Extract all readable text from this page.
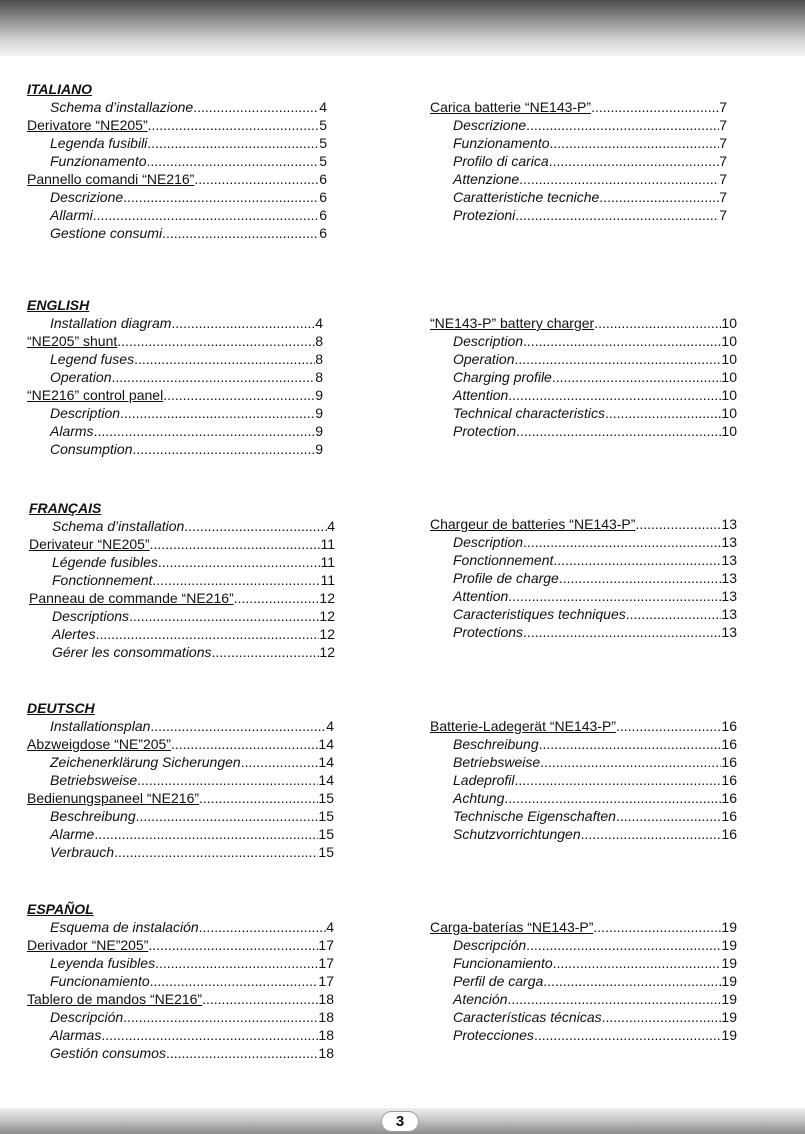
ITALIANO
Schema d’installazione .....	4
Derivatore “NE205” .....	5
Legenda fusibili .....	5
Funzionamento .....	5
Pannello comandi “NE216” .....	6
Descrizione .....	6
Allarmi .....	6
Gestione consumi .....	6
Carica batterie “NE143-P” .....	7
Descrizione .....	7
Funzionamento .....	7
Profilo di carica .....	7
Attenzione .....	7
Caratteristiche tecniche .....	7
Protezioni .....	7
ENGLISH
Installation diagram .....	4
“NE205” shunt .....	8
Legend fuses .....	8
Operation .....	8
“NE216” control panel .....	9
Description .....	9
Alarms .....	9
Consumption .....	9
“NE143-P” battery charger .....	10
Description .....	10
Operation .....	10
Charging profile .....	10
Attention .....	10
Technical characteristics .....	10
Protection .....	10
FRANÇAIS
Schema d’installation .....	4
Derivateur “NE205” .....	11
Légende fusibles .....	11
Fonctionnement .....	11
Panneau de commande “NE216” .....	12
Descriptions .....	12
Alertes .....	12
Gérer les consommations .....	12
Chargeur de batteries “NE143-P” .....	13
Description .....	13
Fonctionnement .....	13
Profile de charge .....	13
Attention .....	13
Caracteristiques techniques .....	13
Protections .....	13
DEUTSCH
Installationsplan .....	4
Abzweigdose “NE”205” .....	14
Zeichenerklärung Sicherungen .....	14
Betriebsweise .....	14
Bedienungspaneel “NE216” .....	15
Beschreibung .....	15
Alarme .....	15
Verbrauch .....	15
Batterie-Ladegerät “NE143-P” .....	16
Beschreibung .....	16
Betriebsweise .....	16
Ladeprofil .....	16
Achtung .....	16
Technische Eigenschaften .....	16
Schutzvorrichtungen .....	16
ESPAÑOL
Esquema de instalación .....	4
Derivador “NE”205” .....	17
Leyenda fusibles .....	17
Funcionamiento .....	17
Tablero de mandos “NE216” .....	18
Descripción .....	18
Alarmas .....	18
Gestión consumos .....	18
Carga-baterías “NE143-P” .....	19
Descripción .....	19
Funcionamiento .....	19
Perfil de carga .....	19
Atención .....	19
Características técnicas .....	19
Protecciones .....	19
3
